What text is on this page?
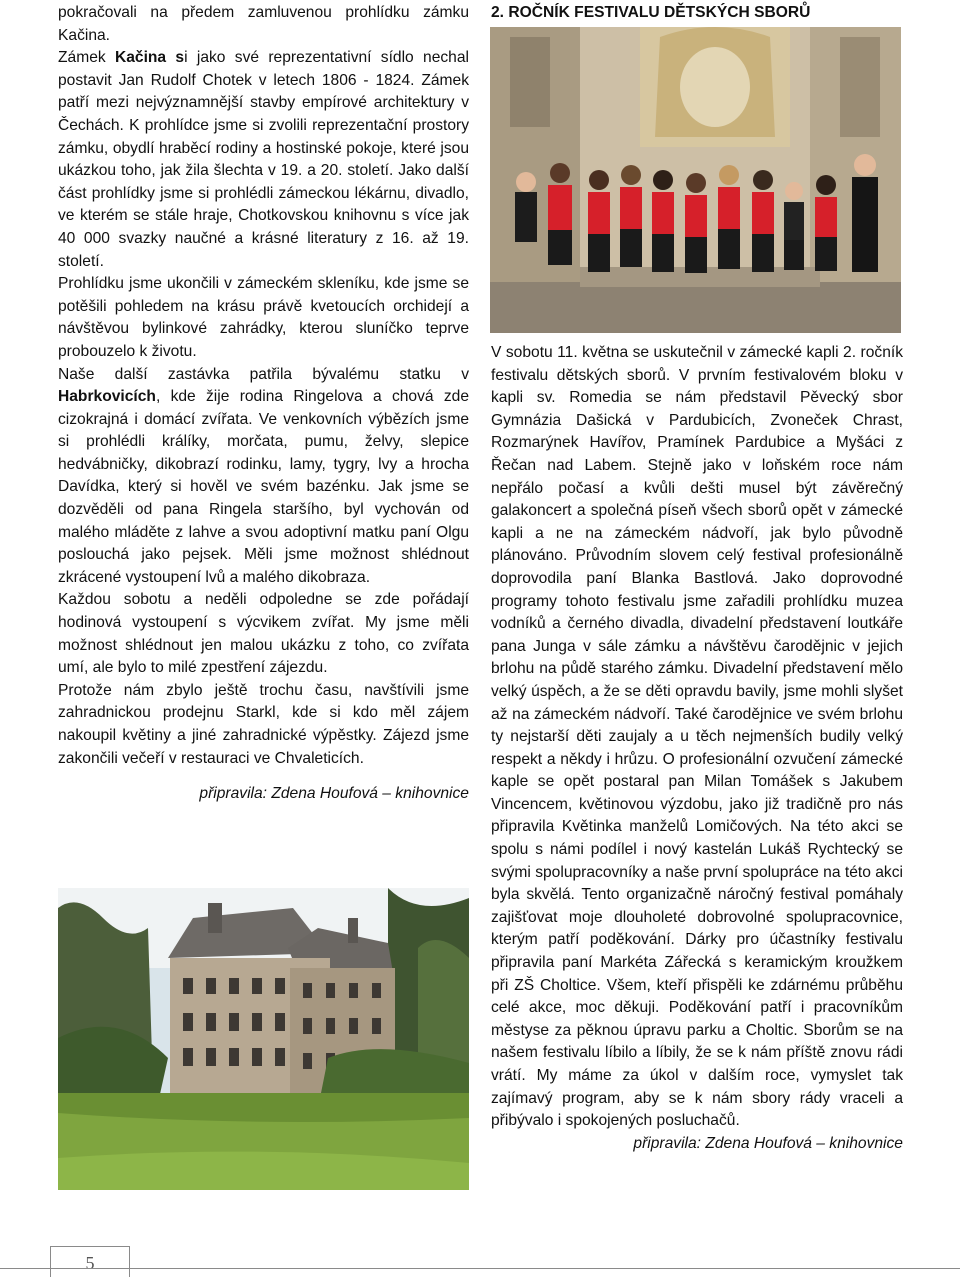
pokračovali na předem zamluvenou prohlídku zámku Kačina.

Zámek Kačina si jako své reprezentativní sídlo nechal postavit Jan Rudolf Chotek v letech 1806 - 1824. Zámek patří mezi nejvýznamnější stavby empírové architektury v Čechách. K prohlídce jsme si zvolili reprezentační prostory zámku, obydlí hraběcí rodiny a hostinské pokoje, které jsou ukázkou toho, jak žila šlechta v 19. a 20. století. Jako další část prohlídky jsme si prohlédli zámeckou lékárnu, divadlo, ve kterém se stále hraje, Chotkovskou knihovnu s více jak 40 000 svazky naučné a krásné literatury z 16. až 19. století.

Prohlídku jsme ukončili v zámeckém skleníku, kde jsme se potěšili pohledem na krásu právě kvetoucích orchidejí a návštěvou bylinkové zahrádky, kterou sluníčko teprve probouzelo k životu.

Naše další zastávka patřila bývalému statku v Habrkovicích, kde žije rodina Ringelova a chová zde cizokrajná i domácí zvířata. Ve venkovních výbězích jsme si prohlédli králíky, morčata, pumu, želvy, slepice hedvábničky, dikobrazí rodinku, lamy, tygry, lvy a hrocha Davídka, který si hověl ve svém bazénku. Jak jsme se dozvěděli od pana Ringela staršího, byl vychován od malého mláděte z lahve a svou adoptivní matku paní Olgu poslouchá jako pejsek. Měli jsme možnost shlédnout zkrácené vystoupení lvů a malého dikobraza.

Každou sobotu a neděli odpoledne se zde pořádají hodinová vystoupení s výcvikem zvířat. My jsme měli možnost shlédnout jen malou ukázku z toho, co zvířata umí, ale bylo to milé zpestření zájezdu.

Protože nám zbylo ještě trochu času, navštívili jsme zahradnickou prodejnu Starkl, kde si kdo měl zájem nakoupil květiny a jiné zahradnické výpěstky. Zájezd jsme zakončili večeří v restauraci ve Chvaleticích.

připravila: Zdena Houfová – knihovnice

2. ROČNÍK FESTIVALU DĚTSKÝCH SBORŮ

V sobotu 11. května se uskutečnil v zámecké kapli 2. ročník festivalu dětských sborů. V prvním festivalovém bloku v kapli sv. Romedia se nám představil Pěvecký sbor Gymnázia Dašická v Pardubicích, Zvoneček Chrast, Rozmarýnek Havířov, Pramínek Pardubice a Myšáci z Řečan nad Labem. Stejně jako v loňském roce nám nepřálo počasí a kvůli dešti musel být závěrečný galakoncert a společná píseň všech sborů opět v zámecké kapli a ne na zámeckém nádvoří, jak bylo původně plánováno. Průvodním slovem celý festival profesionálně doprovodila paní Blanka Bastlová. Jako doprovodné programy tohoto festivalu jsme zařadili prohlídku muzea vodníků a černého divadla, divadelní představení loutkáře pana Junga v sále zámku a návštěvu čarodějnic v jejich brlohu na půdě starého zámku. Divadelní představení mělo velký úspěch, a že se děti opravdu bavily, jsme mohli slyšet až na zámeckém nádvoří. Také čarodějnice ve svém brlohu ty nejstarší děti zaujaly a u těch nejmenších budily velký respekt a někdy i hrůzu. O profesionální ozvučení zámecké kaple se opět postaral pan Milan Tomášek s Jakubem Vincencem, květinovou výzdobu, jako již tradičně pro nás připravila Květinka manželů Lomičových. Na této akci se spolu s námi podílel i nový kastelán Lukáš Rychtecký se svými spolupracovníky a naše první spolupráce na této akci byla skvělá. Tento organizačně náročný festival pomáhaly zajišťovat moje dlouholeté dobrovolné spolupracovnice, kterým patří poděkování. Dárky pro účastníky festivalu připravila paní Markéta Zářecká s keramickým kroužkem při ZŠ Choltice. Všem, kteří přispěli ke zdárnému průběhu celé akce, moc děkuji. Poděkování patří i pracovníkům městyse za pěknou úpravu parku a Choltic. Sborům se na našem festivalu líbilo a líbily, že se k nám příště znovu rádi vrátí. My máme za úkol v dalším roce, vymyslet tak zajímavý program, aby se k nám sbory rády vraceli a přibývalo i spokojených posluchačů.

připravila: Zdena Houfová – knihovnice

5
